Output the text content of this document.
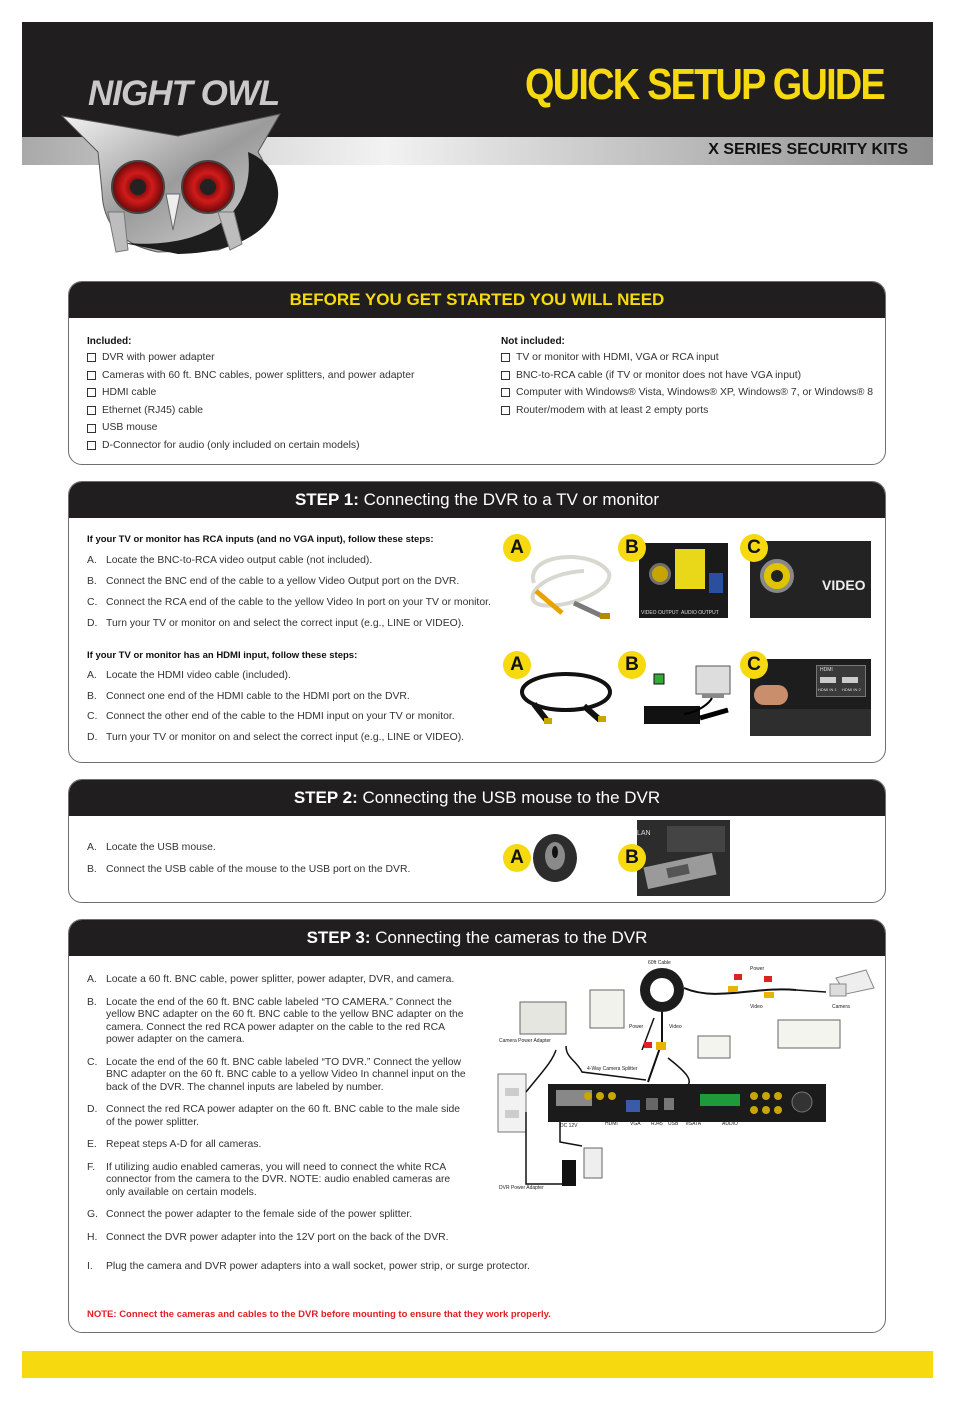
QUICK SETUP GUIDE
X SERIES SECURITY KITS
NIGHT OWL
BEFORE YOU GET STARTED YOU WILL NEED
Included:
DVR with power adapter
Cameras with 60 ft. BNC cables, power splitters, and power adapter
HDMI cable
Ethernet (RJ45) cable
USB mouse
D-Connector for audio (only included on certain models)
Not included:
TV or monitor with HDMI, VGA or RCA input
BNC-to-RCA cable (if TV or monitor does not have VGA input)
Computer with Windows® Vista, Windows® XP, Windows® 7, or Windows® 8
Router/modem with at least 2 empty ports
STEP 1: Connecting the DVR to a TV or monitor
If your TV or monitor has RCA inputs (and no VGA input), follow these steps:
A. Locate the BNC-to-RCA video output cable (not included).
B. Connect the BNC end of the cable to a yellow Video Output port on the DVR.
C. Connect the RCA end of the cable to the yellow Video In port on your TV or monitor.
D. Turn your TV or monitor on and select the correct input (e.g., LINE or VIDEO).
If your TV or monitor has an HDMI input, follow these steps:
A. Locate the HDMI video cable (included).
B. Connect one end of the HDMI cable to the HDMI port on the DVR.
C. Connect the other end of the cable to the HDMI input on your TV or monitor.
D. Turn your TV or monitor on and select the correct input (e.g., LINE or VIDEO).
VIDEO OUTPUT AUDIO OUTPUT
VIDEO
HDMI
HDMI IN 1 HDMI IN 2
STEP 2: Connecting the USB mouse to the DVR
A. Locate the USB mouse.
B. Connect the USB cable of the mouse to the USB port on the DVR.
LAN
STEP 3: Connecting the cameras to the DVR
A. Locate a 60 ft. BNC cable, power splitter, power adapter, DVR, and camera.
B. Locate the end of the 60 ft. BNC cable labeled “TO CAMERA.” Connect the yellow BNC adapter on the 60 ft. BNC cable to the yellow BNC adapter on the camera. Connect the red RCA power adapter on the cable to the red RCA power adapter on the camera.
C. Locate the end of the 60 ft. BNC cable labeled “TO DVR.” Connect the yellow BNC adapter on the 60 ft. BNC cable to a yellow Video In channel input on the back of the DVR. The channel inputs are labeled by number.
D. Connect the red RCA power adapter on the 60 ft. BNC cable to the male side of the power splitter.
E. Repeat steps A-D for all cameras.
F.	If utilizing audio enabled cameras, you will need to connect the white RCA connector from the camera to the DVR. NOTE: audio enabled cameras are only available on certain models.
G. Connect the power adapter to the female side of the power splitter.
H. Connect the DVR power adapter into the 12V port on the back of the DVR.
I.	Plug the camera and DVR power adapters into a wall socket, power strip, or surge protector.
NOTE: Connect the cameras and cables to the DVR before mounting to ensure that they work properly.
60ft Cable
Power
Video	Camera
Power	Video
Camera Power Adapter
4-Way Camera Splitter
DC 12V	HDMI VGA RJ45 USB eSATA	AUDIO
DVR Power Adapter
A	B	C
A	B	C
A	B
